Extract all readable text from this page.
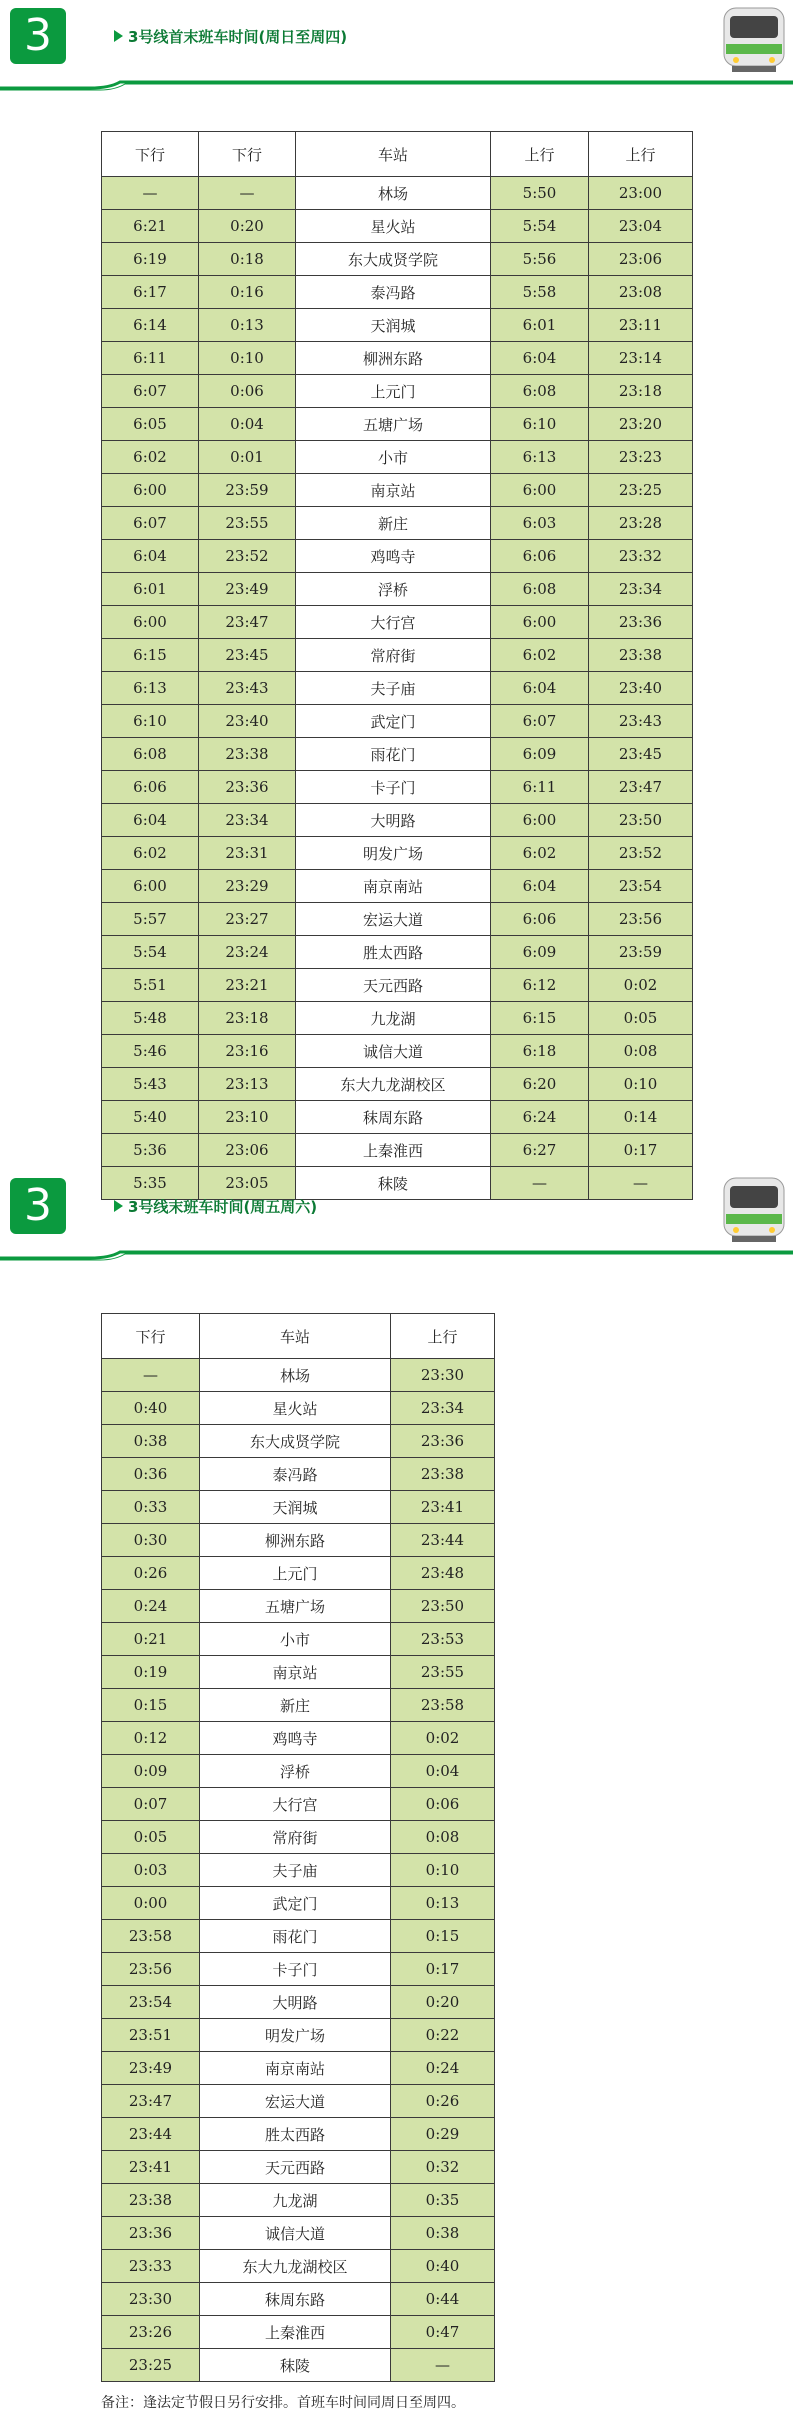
3	3号线首末班车时间(周日至周四)
下行	下行	车站	上行	上行
—	—	林场	5:50	23:00
6:21	0:20	星火站	5:54	23:04
6:19	0:18	东大成贤学院	5:56	23:06
6:17	0:16	泰冯路	5:58	23:08
6:14	0:13	天润城	6:01	23:11
6:11	0:10	柳洲东路	6:04	23:14
6:07	0:06	上元门	6:08	23:18
6:05	0:04	五塘广场	6:10	23:20
6:02	0:01	小市	6:13	23:23
6:00	23:59	南京站	6:00	23:25
6:07	23:55	新庄	6:03	23:28
6:04	23:52	鸡鸣寺	6:06	23:32
6:01	23:49	浮桥	6:08	23:34
6:00	23:47	大行宫	6:00	23:36
6:15	23:45	常府街	6:02	23:38
6:13	23:43	夫子庙	6:04	23:40
6:10	23:40	武定门	6:07	23:43
6:08	23:38	雨花门	6:09	23:45
6:06	23:36	卡子门	6:11	23:47
6:04	23:34	大明路	6:00	23:50
6:02	23:31	明发广场	6:02	23:52
6:00	23:29	南京南站	6:04	23:54
5:57	23:27	宏运大道	6:06	23:56
5:54	23:24	胜太西路	6:09	23:59
5:51	23:21	天元西路	6:12	0:02
5:48	23:18	九龙湖	6:15	0:05
5:46	23:16	诚信大道	6:18	0:08
5:43	23:13	东大九龙湖校区	6:20	0:10
5:40	23:10	秣周东路	6:24	0:14
5:36	23:06	上秦淮西	6:27	0:17
5:35	23:05	秣陵	—	—
3	3号线末班车时间(周五周六)
下行	车站	上行
—	林场	23:30
0:40	星火站	23:34
0:38	东大成贤学院	23:36
0:36	泰冯路	23:38
0:33	天润城	23:41
0:30	柳洲东路	23:44
0:26	上元门	23:48
0:24	五塘广场	23:50
0:21	小市	23:53
0:19	南京站	23:55
0:15	新庄	23:58
0:12	鸡鸣寺	0:02
0:09	浮桥	0:04
0:07	大行宫	0:06
0:05	常府街	0:08
0:03	夫子庙	0:10
0:00	武定门	0:13
23:58	雨花门	0:15
23:56	卡子门	0:17
23:54	大明路	0:20
23:51	明发广场	0:22
23:49	南京南站	0:24
23:47	宏运大道	0:26
23:44	胜太西路	0:29
23:41	天元西路	0:32
23:38	九龙湖	0:35
23:36	诚信大道	0:38
23:33	东大九龙湖校区	0:40
23:30	秣周东路	0:44
23:26	上秦淮西	0:47
23:25	秣陵	—
备注：逢法定节假日另行安排。首班车时间同周日至周四。
